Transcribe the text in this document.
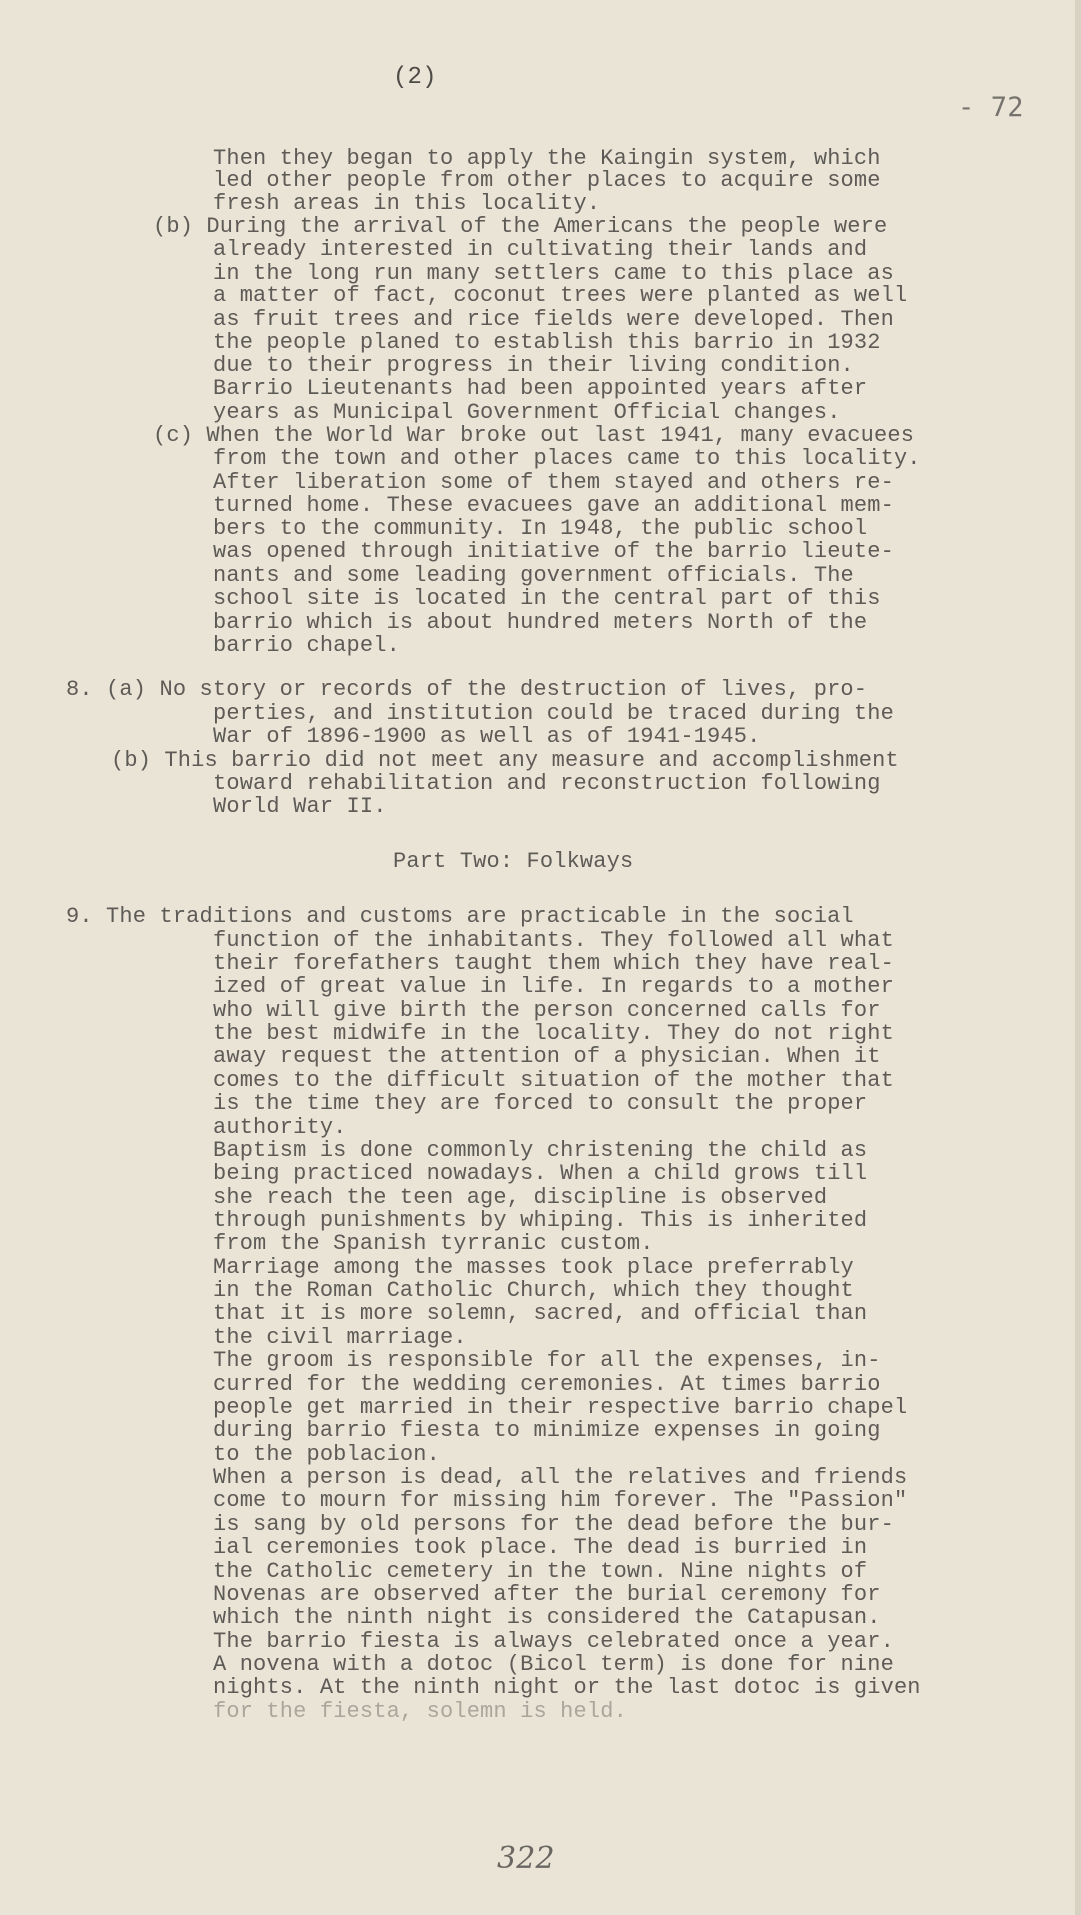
(2)
- 72
Then they began to apply the Kaingin system, which
led other people from other places to acquire some
fresh areas in this locality.
(b) During the arrival of the Americans the people were
already interested in cultivating their lands and
in the long run many settlers came to this place as
a matter of fact, coconut trees were planted as well
as fruit trees and rice fields were developed. Then
the people planed to establish this barrio in 1932
due to their progress in their living condition.
Barrio Lieutenants had been appointed years after
years as Municipal Government Official changes.
(c) When the World War broke out last 1941, many evacuees
from the town and other places came to this locality.
After liberation some of them stayed and others re-
turned home. These evacuees gave an additional mem-
bers to the community. In 1948, the public school
was opened through initiative of the barrio lieute-
nants and some leading government officials. The
school site is located in the central part of this
barrio which is about hundred meters North of the
barrio chapel.
8. (a) No story or records of the destruction of lives, pro-
perties, and institution could be traced during the
War of 1896-1900 as well as of 1941-1945.
(b) This barrio did not meet any measure and accomplishment
toward rehabilitation and reconstruction following
World War II.
Part Two: Folkways
9. The traditions and customs are practicable in the social
function of the inhabitants. They followed all what
their forefathers taught them which they have real-
ized of great value in life. In regards to a mother
who will give birth the person concerned calls for
the best midwife in the locality. They do not right
away request the attention of a physician. When it
comes to the difficult situation of the mother that
is the time they are forced to consult the proper
authority.
Baptism is done commonly christening the child as
being practiced nowadays. When a child grows till
she reach the teen age, discipline is observed
through punishments by whiping. This is inherited
from the Spanish tyrranic custom.
Marriage among the masses took place preferrably
in the Roman Catholic Church, which they thought
that it is more solemn, sacred, and official than
the civil marriage.
The groom is responsible for all the expenses, in-
curred for the wedding ceremonies. At times barrio
people get married in their respective barrio chapel
during barrio fiesta to minimize expenses in going
to the poblacion.
When a person is dead, all the relatives and friends
come to mourn for missing him forever. The "Passion"
is sang by old persons for the dead before the bur-
ial ceremonies took place. The dead is burried in
the Catholic cemetery in the town. Nine nights of
Novenas are observed after the burial ceremony for
which the ninth night is considered the Catapusan.
The barrio fiesta is always celebrated once a year.
A novena with a dotoc (Bicol term) is done for nine
nights. At the ninth night or the last dotoc is given
for the fiesta, solemn is held.
322
